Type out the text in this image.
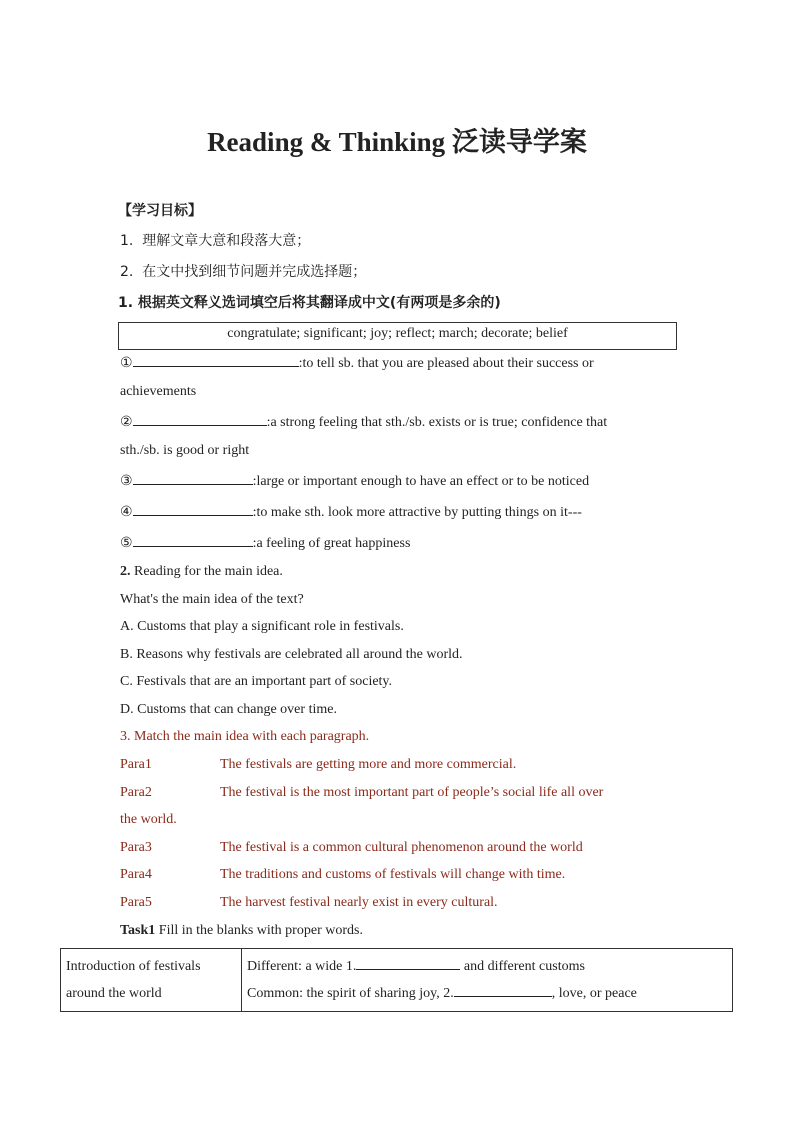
Reading & Thinking 泛读导学案
【学习目标】
1. 理解文章大意和段落大意；
2. 在文中找到细节问题并完成选择题；
1. 根据英文释义选词填空后将其翻译成中文(有两项是多余的)
congratulate; significant; joy; reflect; march; decorate; belief
①	:to tell sb. that you are pleased about their success or
achievements
②	:a strong feeling that sth./sb. exists or is true; confidence that
sth./sb. is good or right
③	:large or important enough to have an effect or to be noticed
④	:to make sth. look more attractive by putting things on it---
⑤	:a feeling of great happiness
2. Reading for the main idea.
What's the main idea of the text?
A. Customs that play a significant role in festivals.
B. Reasons why festivals are celebrated all around the world.
C. Festivals that are an important part of society.
D. Customs that can change over time.
3. Match the main idea with each paragraph.
Para1	The festivals are getting more and more commercial.
Para2	The festival is the most important part of people’s social life all over
the world.
Para3	The festival is a common cultural phenomenon around the world
Para4	The traditions and customs of festivals will change with time.
Para5	The harvest festival nearly exist in every cultural.
Task1 Fill in the blanks with proper words.
Introduction of festivals
around the world

Different: a wide 1.	and different customs
Common: the spirit of sharing joy, 2.	, love, or peace
